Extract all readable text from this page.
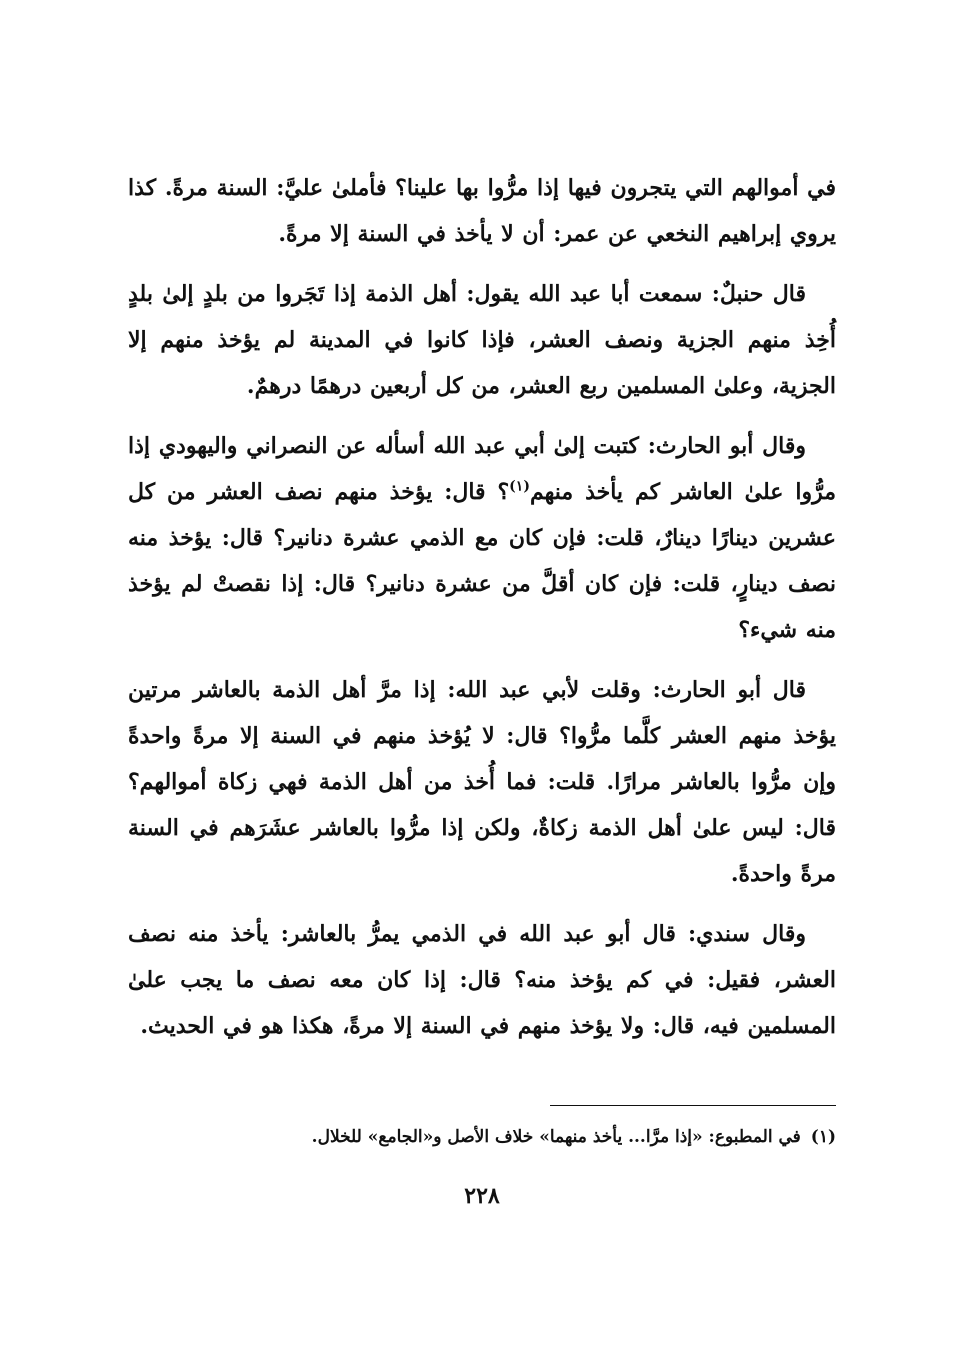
في أموالهم التي يتجرون فيها إذا مرُّوا بها علينا؟ فأملىٰ عليَّ: السنة مرةً. كذا يروي إبراهيم النخعي عن عمر: أن لا يأخذ في السنة إلا مرةً.

قال حنبلٌ: سمعت أبا عبد الله يقول: أهل الذمة إذا تَجَروا من بلدٍ إلىٰ بلدٍ أُخِذ منهم الجزية ونصف العشر، فإذا كانوا في المدينة لم يؤخذ منهم إلا الجزية، وعلىٰ المسلمين ربع العشر، من كل أربعين درهمًا درهمٌ.

وقال أبو الحارث: كتبت إلىٰ أبي عبد الله أسأله عن النصراني واليهودي إذا مرُّوا علىٰ العاشر كم يأخذ منهم$^{(١)}$؟ قال: يؤخذ منهم نصف العشر من كل عشرين دينارًا دينارٌ، قلت: فإن كان مع الذمي عشرة دنانير؟ قال: يؤخذ منه نصف دينارٍ، قلت: فإن كان أقلَّ من عشرة دنانير؟ قال: إذا نقصتْ لم يؤخذ منه شيء؟

قال أبو الحارث: وقلت لأبي عبد الله: إذا مرَّ أهل الذمة بالعاشر مرتين يؤخذ منهم العشر كلَّما مرُّوا؟ قال: لا يُؤخذ منهم في السنة إلا مرةً واحدةً وإن مرُّوا بالعاشر مرارًا. قلت: فما أُخذ من أهل الذمة فهي زكاة أموالهم؟ قال: ليس علىٰ أهل الذمة زكاةٌ، ولكن إذا مرُّوا بالعاشر عشَرَهم في السنة مرةً واحدةً.

وقال سندي: قال أبو عبد الله في الذمي يمرُّ بالعاشر: يأخذ منه نصف العشر، فقيل: في كم يؤخذ منه؟ قال: إذا كان معه نصف ما يجب علىٰ المسلمين فيه، قال: ولا يؤخذ منهم في السنة إلا مرةً، هكذا هو في الحديث.

(١)في المطبوع: «إذا مرَّا... يأخذ منهما» خلاف الأصل و«الجامع» للخلال.
٢٢٨
